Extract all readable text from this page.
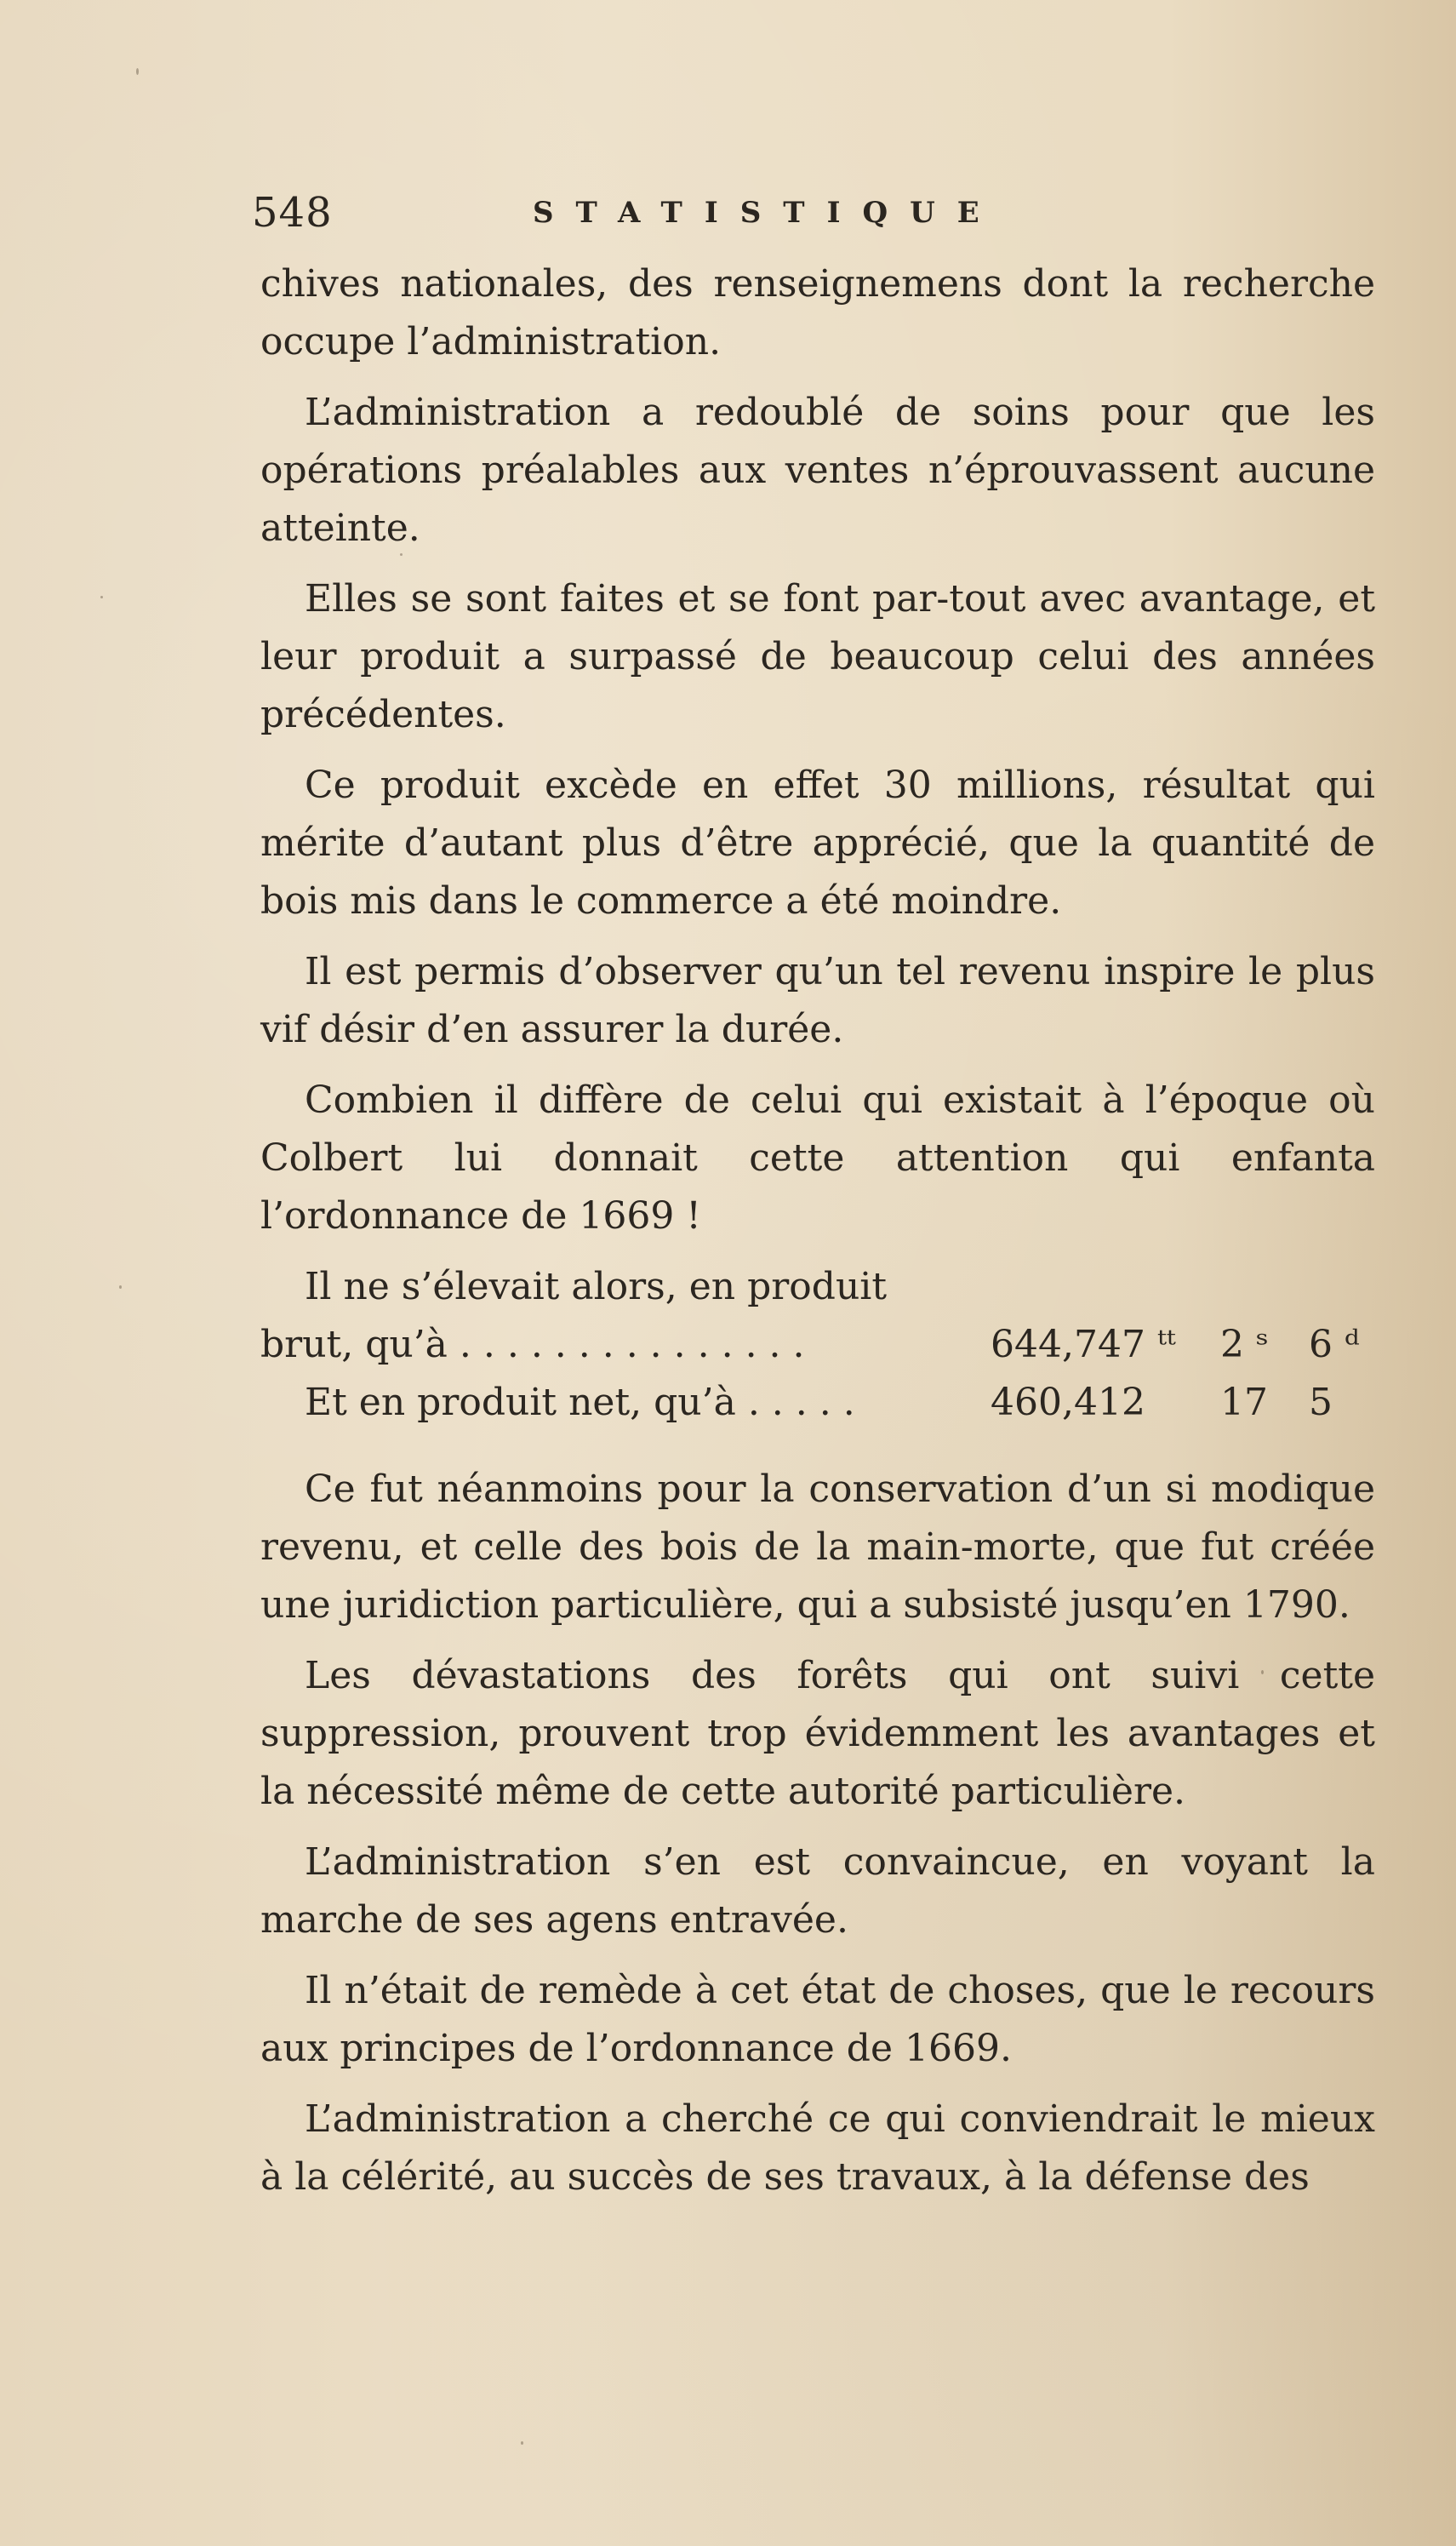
548	STATISTIQUE

chives nationales, des renseignemens dont la recherche occupe l’administration.

L’administration a redoublé de soins pour que les opérations préalables aux ventes n’éprouvassent aucune atteinte.

Elles se sont faites et se font par-tout avec avantage, et leur produit a surpassé de beaucoup celui des années précédentes.

Ce produit excède en effet 30 millions, résultat qui mérite d’autant plus d’être apprécié, que la quantité de bois mis dans le commerce a été moindre.

Il est permis d’observer qu’un tel revenu inspire le plus vif désir d’en assurer la durée.

Combien il diffère de celui qui existait à l’époque où Colbert lui donnait cette attention qui enfanta l’ordonnance de 1669 !

Il ne s’élevait alors, en produit
brut, qu’à . . . . . . . . . . . . . . .	644,747 ᵗᵗ 2 ˢ 6 ᵈ
Et en produit net, qu’à . . . . .	460,412 17 5

Ce fut néanmoins pour la conservation d’un si modique revenu, et celle des bois de la main-morte, que fut créée une juridiction particulière, qui a subsisté jusqu’en 1790.

Les dévastations des forêts qui ont suivi cette suppression, prouvent trop évidemment les avantages et la nécessité même de cette autorité particulière.

L’administration s’en est convaincue, en voyant la marche de ses agens entravée.

Il n’était de remède à cet état de choses, que le recours aux principes de l’ordonnance de 1669.

L’administration a cherché ce qui conviendrait le mieux à la célérité, au succès de ses travaux, à la défense des
